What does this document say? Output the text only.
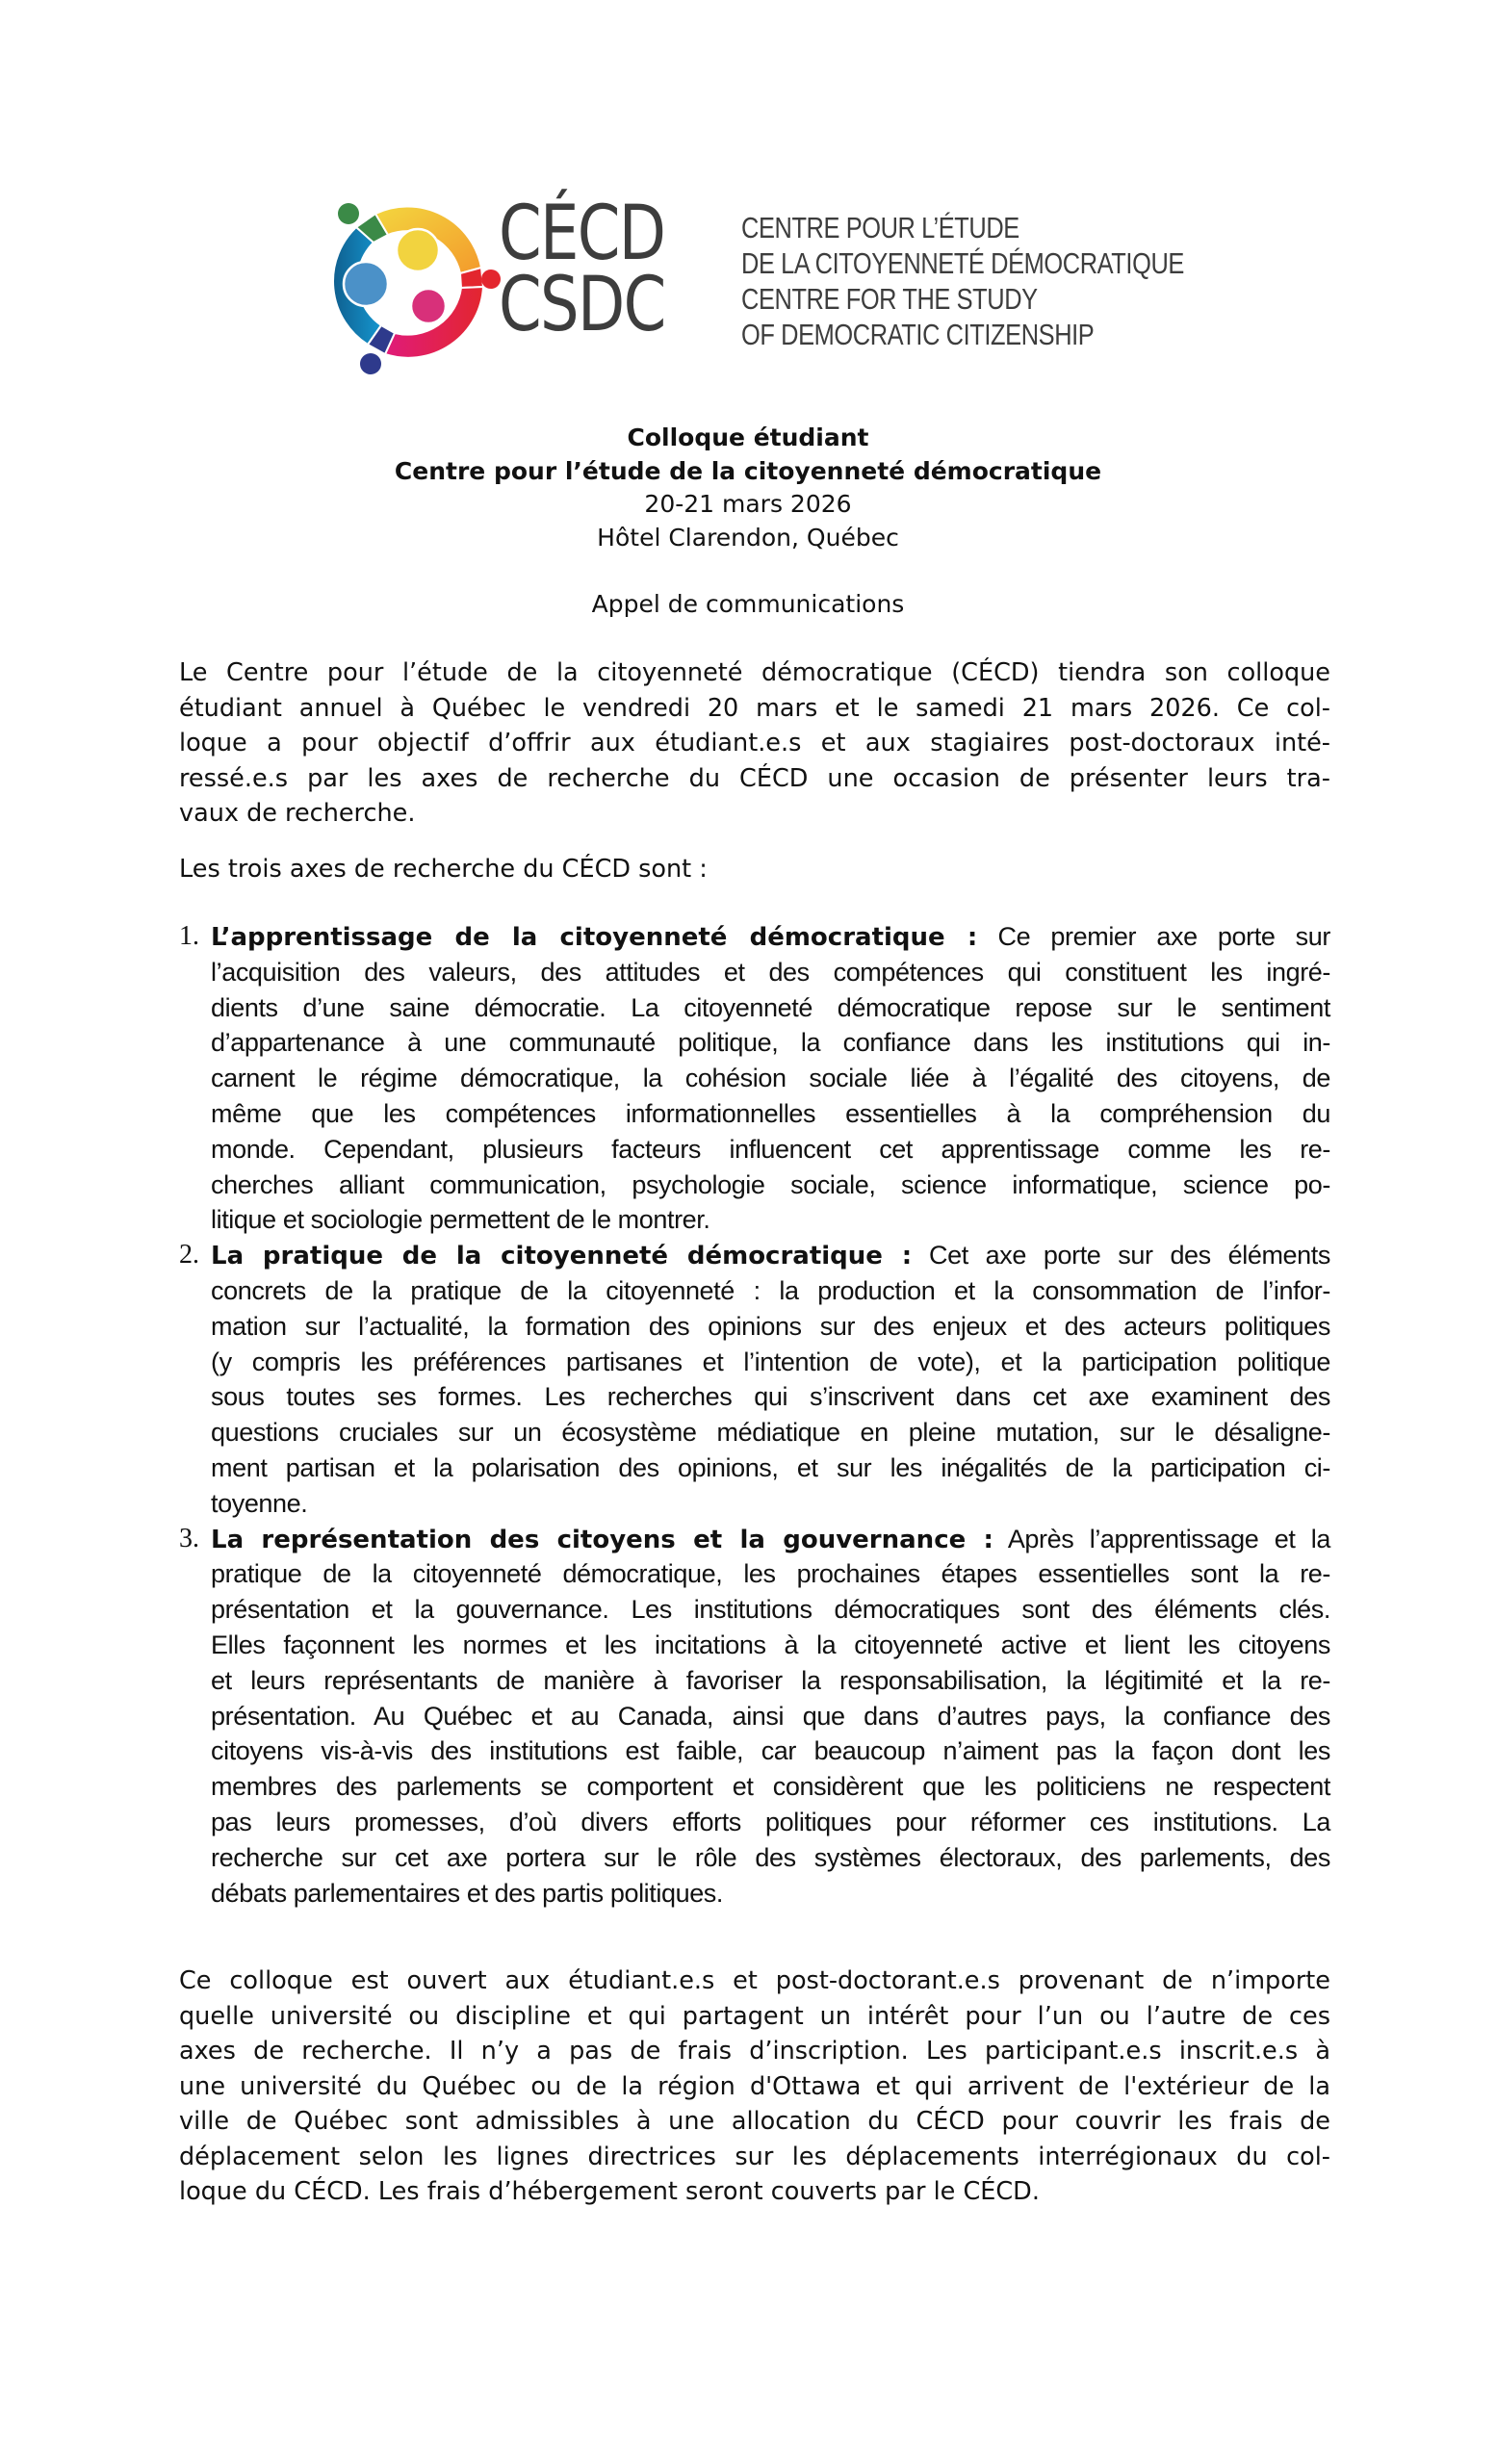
CÉCD
CSDC
CENTRE POUR L’ÉTUDE
DE LA CITOYENNETÉ DÉMOCRATIQUE
CENTRE FOR THE STUDY
OF DEMOCRATIC CITIZENSHIP
Colloque étudiant
Centre pour l’étude de la citoyenneté démocratique
20-21 mars 2026
Hôtel Clarendon, Québec
Appel de communications
Le Centre pour l’étude de la citoyenneté démocratique (CÉCD) tiendra son colloque
étudiant annuel à Québec le vendredi 20 mars et le samedi 21 mars 2026. Ce col-
loque a pour objectif d’offrir aux étudiant.e.s et aux stagiaires post-doctoraux inté-
ressé.e.s par les axes de recherche du CÉCD une occasion de présenter leurs tra-
vaux de recherche.
Les trois axes de recherche du CÉCD sont :
1. L’apprentissage de la citoyenneté démocratique : Ce premier axe porte sur
l’acquisition des valeurs, des attitudes et des compétences qui constituent les ingré-
dients d’une saine démocratie. La citoyenneté démocratique repose sur le sentiment
d’appartenance à une communauté politique, la confiance dans les institutions qui in-
carnent le régime démocratique, la cohésion sociale liée à l’égalité des citoyens, de
même que les compétences informationnelles essentielles à la compréhension du
monde. Cependant, plusieurs facteurs influencent cet apprentissage comme les re-
cherches alliant communication, psychologie sociale, science informatique, science po-
litique et sociologie permettent de le montrer.
2. La pratique de la citoyenneté démocratique : Cet axe porte sur des éléments
concrets de la pratique de la citoyenneté : la production et la consommation de l’infor-
mation sur l’actualité, la formation des opinions sur des enjeux et des acteurs politiques
(y compris les préférences partisanes et l’intention de vote), et la participation politique
sous toutes ses formes. Les recherches qui s’inscrivent dans cet axe examinent des
questions cruciales sur un écosystème médiatique en pleine mutation, sur le désaligne-
ment partisan et la polarisation des opinions, et sur les inégalités de la participation ci-
toyenne.
3. La représentation des citoyens et la gouvernance : Après l’apprentissage et la
pratique de la citoyenneté démocratique, les prochaines étapes essentielles sont la re-
présentation et la gouvernance. Les institutions démocratiques sont des éléments clés.
Elles façonnent les normes et les incitations à la citoyenneté active et lient les citoyens
et leurs représentants de manière à favoriser la responsabilisation, la légitimité et la re-
présentation. Au Québec et au Canada, ainsi que dans d’autres pays, la confiance des
citoyens vis-à-vis des institutions est faible, car beaucoup n’aiment pas la façon dont les
membres des parlements se comportent et considèrent que les politiciens ne respectent
pas leurs promesses, d’où divers efforts politiques pour réformer ces institutions. La
recherche sur cet axe portera sur le rôle des systèmes électoraux, des parlements, des
débats parlementaires et des partis politiques.
Ce colloque est ouvert aux étudiant.e.s et post-doctorant.e.s provenant de n’importe
quelle université ou discipline et qui partagent un intérêt pour l’un ou l’autre de ces
axes de recherche. Il n’y a pas de frais d’inscription. Les participant.e.s inscrit.e.s à
une université du Québec ou de la région d'Ottawa et qui arrivent de l'extérieur de la
ville de Québec sont admissibles à une allocation du CÉCD pour couvrir les frais de
déplacement selon les lignes directrices sur les déplacements interrégionaux du col-
loque du CÉCD. Les frais d’hébergement seront couverts par le CÉCD.
